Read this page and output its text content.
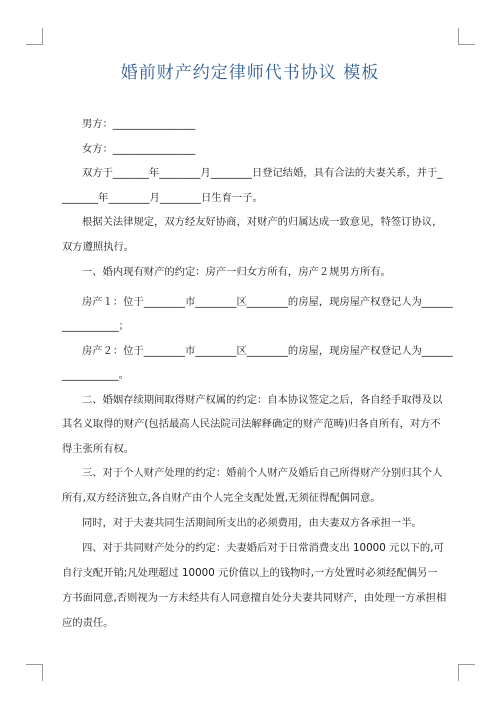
婚前财产约定律师代书协议 模板
男方：________________
女方：________________
双方于_______年________月________日登记结婚，具有合法的夫妻关系，并于_
_______年________月________日生育一子。
根据关法律规定，双方经友好协商，对财产的归属达成一致意见，特签订协议，
双方遵照执行。
一、婚内现有财产的约定：房产一归女方所有，房产２规男方所有。
房产１：位于________市________区________的房屋，现房屋产权登记人为______
___________；
房产２：位于________市________区________的房屋，现房屋产权登记人为______
___________。
二、婚姻存续期间取得财产权属的约定：自本协议签定之后，各自经手取得及以
其名义取得的财产(包括最高人民法院司法解释确定的财产范畴)归各自所有，对方不
得主张所有权。
三、对于个人财产处理的约定：婚前个人财产及婚后自己所得财产分别归其个人
所有,双方经济独立,各自财产由个人完全支配处置,无须征得配偶同意。
同时，对于夫妻共同生活期间所支出的必须费用，由夫妻双方各承担一半。
四、对于共同财产处分的约定：夫妻婚后对于日常消费支出 10000 元以下的,可
自行支配开销;凡处理超过 10000 元价值以上的钱物时,一方处置时必须经配偶另一
方书面同意,否则视为一方未经共有人同意擅自处分夫妻共同财产，由处理一方承担相
应的责任。
